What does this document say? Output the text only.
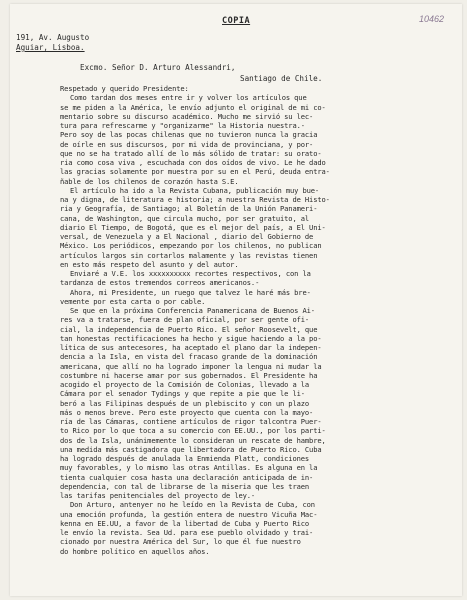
10462
COPIA
191, Av. Augusto
Aguiar, Lisboa.
Excmo. Señor D. Arturo Alessandri,
Santiago de Chile.
Respetado y querido Presidente:
Como tardan dos meses entre ir y volver los artículos que
se me piden a la América, le envío adjunto el original de mi co-
mentario sobre su discurso académico. Mucho me sirvió su lec-
tura para refrescarme y "organizarme" la Historia nuestra.-
Pero soy de las pocas chilenas que no tuvieron nunca la gracia
de oírle en sus discursos, por mi vida de provinciana, y por-
que no se ha tratado allí de lo más sólido de tratar: su orato-
ria como cosa viva , escuchada con dos oídos de vivo. Le he dado
las gracias solamente por muestra por su en el Perú, deuda entra-
ñable de los chilenos de corazón hasta S.E.
El artículo ha ido a la Revista Cubana, publicación muy bue-
na y digna, de literatura e historia; a nuestra Revista de Histo-
ria y Geografía, de Santiago; al Boletín de la Unión Panameri-
cana, de Washington, que circula mucho, por ser gratuito, al
diario El Tiempo, de Bogotá, que es el mejor del país, a El Uni-
versal, de Venezuela y a El Nacional , diario del Gobierno de
México. Los periódicos, empezando por los chilenos, no publican
artículos largos sin cortarlos malamente y las revistas tienen
en esto más respeto del asunto y del autor.
Enviaré a V.E. los xxxxxxxxxx recortes respectivos, con la
tardanza de estos tremendos correos americanos.-
Ahora, mi Presidente, un ruego que talvez le haré más bre-
vemente por esta carta o por cable.
Se que en la próxima Conferencia Panamericana de Buenos Ai-
res va a tratarse, fuera de plan oficial, por ser gente ofi-
cial, la independencia de Puerto Rico. El señor Roosevelt, que
tan honestas rectificaciones ha hecho y sigue haciendo a la po-
lítica de sus antecesores, ha aceptado el plano dar la indepen-
dencia a la Isla, en vista del fracaso grande de la dominación
americana, que allí no ha logrado imponer la lengua ni mudar la
costumbre ni hacerse amar por sus gobernados. El Presidente ha
acogido el proyecto de la Comisión de Colonias, llevado a la
Cámara por el senador Tydings y que repite a pie que le li-
beró a las Filipinas después de un plebiscito y con un plazo
más o menos breve. Pero este proyecto que cuenta con la mayo-
ría de las Cámaras, contiene artículos de rigor talcontra Puer-
to Rico por lo que toca a su comercio con EE.UU., por los parti-
dos de la Isla, unánimemente lo consideran un rescate de hambre,
una medida más castigadora que libertadora de Puerto Rico. Cuba
ha logrado después de anulada la Enmienda Platt, condiciones
muy favorables, y lo mismo las otras Antillas. Es alguna en la
tienta cualquier cosa hasta una declaración anticipada de in-
dependencia, con tal de librarse de la miseria que les traen
las tarifas penitenciales del proyecto de ley.-
Don Arturo, antenyer no he leído en la Revista de Cuba, con
una emoción profunda, la gestión entera de nuestro Vicuña Mac-
kenna en EE.UU, a favor de la libertad de Cuba y Puerto Rico
le envío la revista. Sea Ud. para ese pueblo olvidado y trai-
cionado por nuestra América del Sur, lo que él fue nuestro
do hombre político en aquellos años.
